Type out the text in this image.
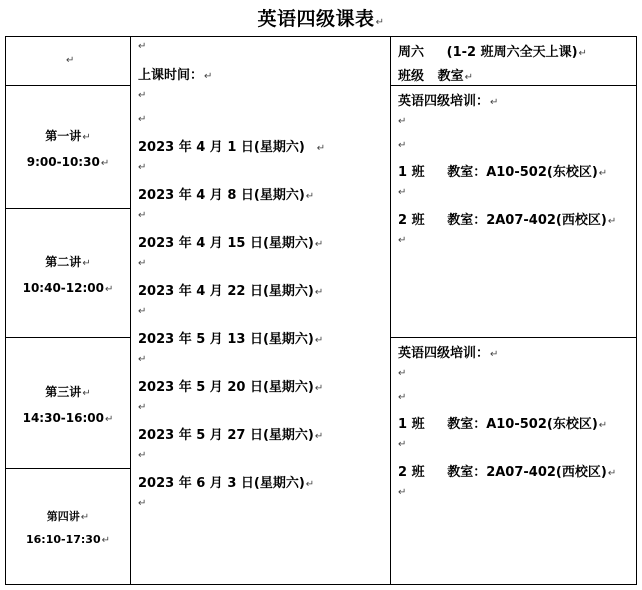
英语四级课表↵
↵
第一讲↵
9:00-10:30↵
第二讲↵
10:40-12:00↵
第三讲↵
14:30-16:00↵
第四讲↵
16:10-17:30↵
↵
上课时间：↵
↵
↵
2023 年 4 月 1 日(星期六) ↵
↵
2023 年 4 月 8 日(星期六)↵
↵
2023 年 4 月 15 日(星期六)↵
↵
2023 年 4 月 22 日(星期六)↵
↵
2023 年 5 月 13 日(星期六)↵
↵
2023 年 5 月 20 日(星期六)↵
↵
2023 年 5 月 27 日(星期六)↵
↵
2023 年 6 月 3 日(星期六)↵
↵
周六     (1-2 班周六全天上课)↵
班级   教室↵
英语四级培训：↵
↵
↵
1 班     教室：A10-502(东校区)↵
↵
2 班     教室：2A07-402(西校区)↵
↵
英语四级培训：↵
↵
↵
1 班     教室：A10-502(东校区)↵
↵
2 班     教室：2A07-402(西校区)↵
↵
